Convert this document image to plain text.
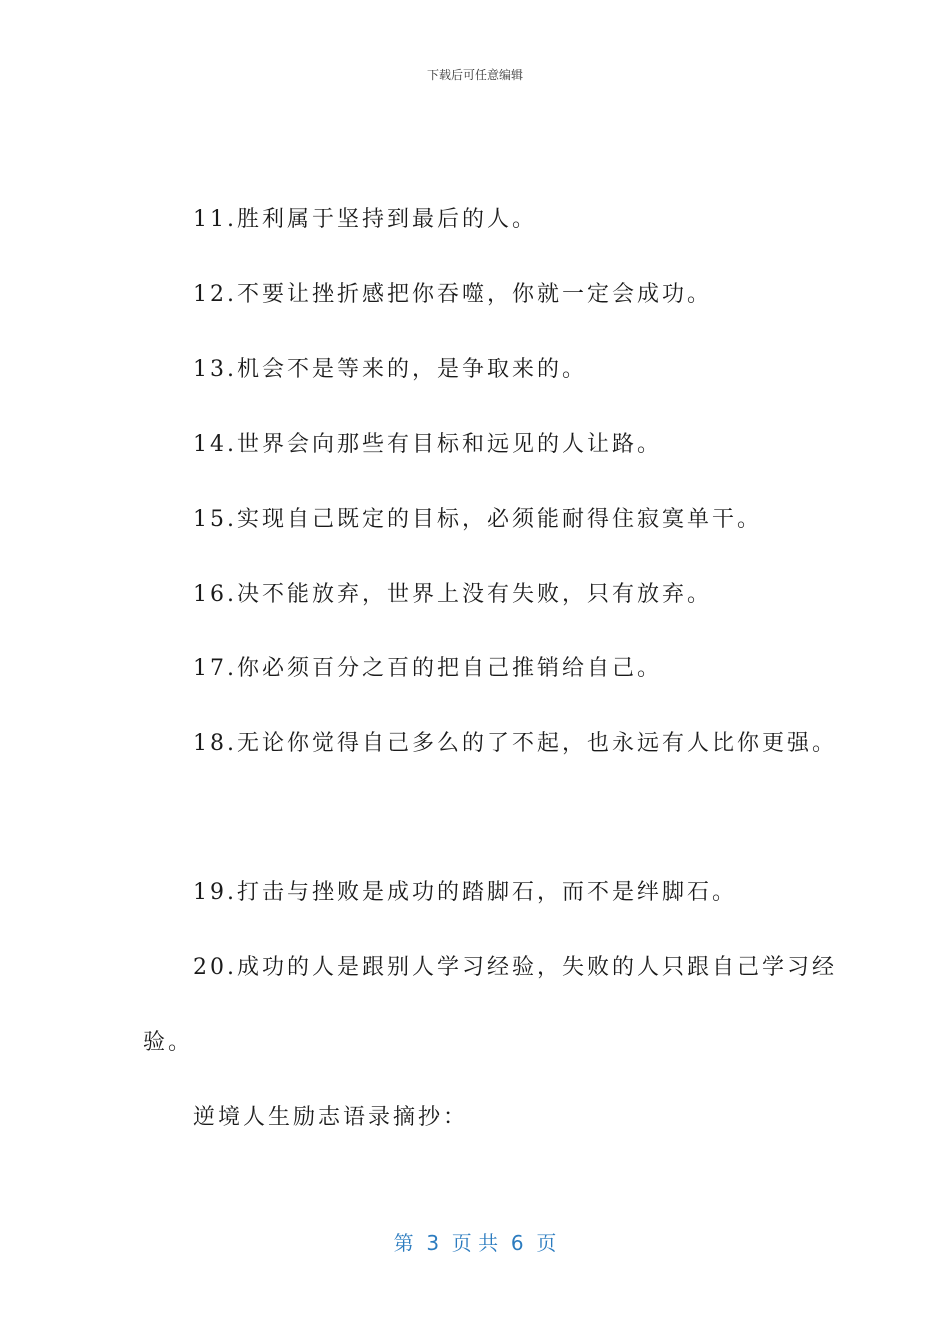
下载后可任意编辑
11.胜利属于坚持到最后的人。
12.不要让挫折感把你吞噬，你就一定会成功。
13.机会不是等来的，是争取来的。
14.世界会向那些有目标和远见的人让路。
15.实现自己既定的目标，必须能耐得住寂寞单干。
16.决不能放弃，世界上没有失败，只有放弃。
17.你必须百分之百的把自己推销给自己。
18.无论你觉得自己多么的了不起，也永远有人比你更强。
19.打击与挫败是成功的踏脚石，而不是绊脚石。
20.成功的人是跟别人学习经验，失败的人只跟自己学习经
验。
逆境人生励志语录摘抄：
第  3  页 共  6  页
